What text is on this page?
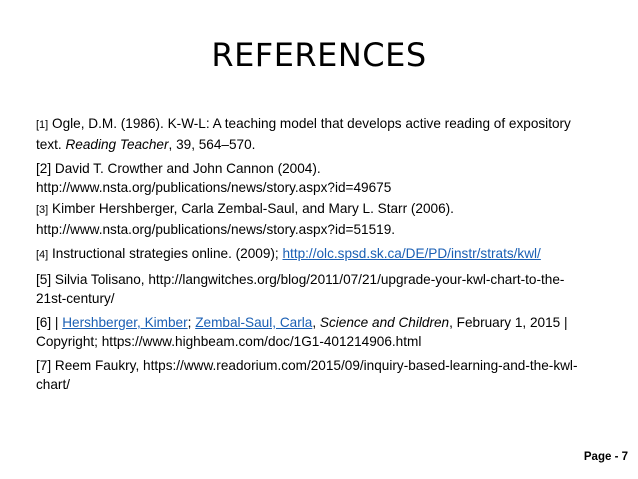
REFERENCES

[1] Ogle, D.M. (1986). K-W-L: A teaching model that develops active reading of expository text. Reading Teacher, 39, 564–570.

[2] David T. Crowther and John Cannon (2004).
http://www.nsta.org/publications/news/story.aspx?id=49675

[3] Kimber Hershberger, Carla Zembal-Saul, and Mary L. Starr (2006).
http://www.nsta.org/publications/news/story.aspx?id=51519.

[4] Instructional strategies online. (2009); http://olc.spsd.sk.ca/DE/PD/instr/strats/kwl/

[5] Silvia Tolisano, http://langwitches.org/blog/2011/07/21/upgrade-your-kwl-chart-to-the-21st-century/

[6] | Hershberger, Kimber; Zembal-Saul, Carla, Science and Children, February 1, 2015 | Copyright; https://www.highbeam.com/doc/1G1-401214906.html

[7] Reem Faukry, https://www.readorium.com/2015/09/inquiry-based-learning-and-the-kwl-chart/

Page - 7
